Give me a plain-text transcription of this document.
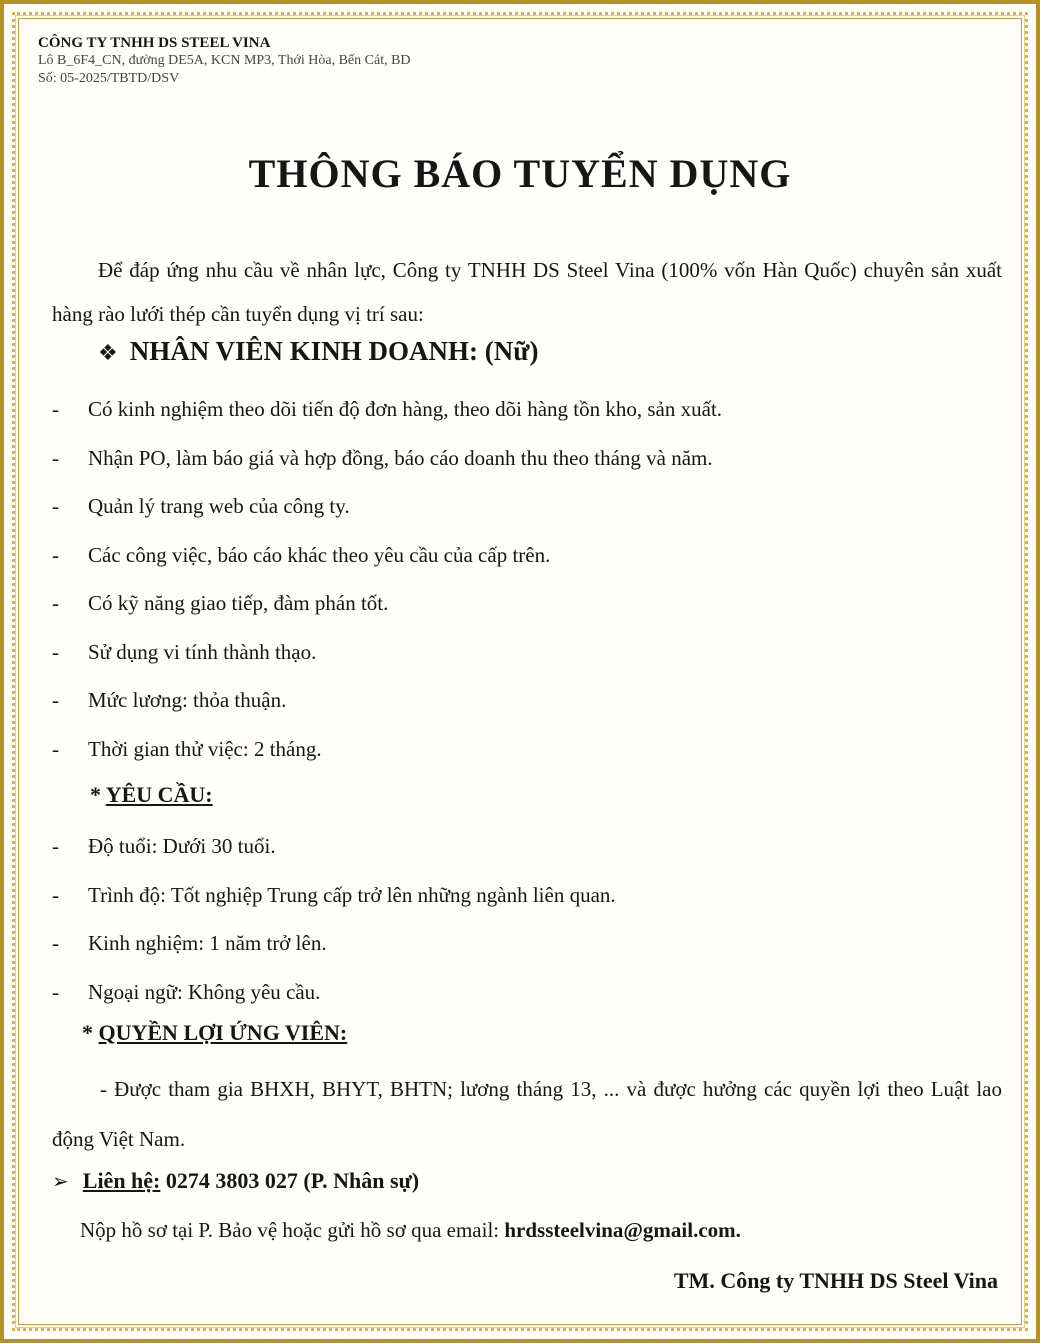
CÔNG TY TNHH DS STEEL VINA

Lô B_6F4_CN, đường DE5A, KCN MP3, Thới Hòa, Bến Cát, BD

Số: 05-2025/TBTD/DSV

THÔNG BÁO TUYỂN DỤNG

Để đáp ứng nhu cầu về nhân lực, Công ty TNHH DS Steel Vina (100% vốn Hàn Quốc) chuyên sản xuất hàng rào lưới thép cần tuyển dụng vị trí sau:

❖ NHÂN VIÊN KINH DOANH: (Nữ)

- Có kinh nghiệm theo dõi tiến độ đơn hàng, theo dõi hàng tồn kho, sản xuất.
- Nhận PO, làm báo giá và hợp đồng, báo cáo doanh thu theo tháng và năm.
- Quản lý trang web của công ty.
- Các công việc, báo cáo khác theo yêu cầu của cấp trên.
- Có kỹ năng giao tiếp, đàm phán tốt.
- Sử dụng vi tính thành thạo.
- Mức lương: thỏa thuận.
- Thời gian thử việc: 2 tháng.

* YÊU CẦU:

- Độ tuổi: Dưới 30 tuổi.
- Trình độ: Tốt nghiệp Trung cấp trở lên những ngành liên quan.
- Kinh nghiệm: 1 năm trở lên.
- Ngoại ngữ: Không yêu cầu.

* QUYỀN LỢI ỨNG VIÊN:

- Được tham gia BHXH, BHYT, BHTN; lương tháng 13, ... và được hưởng các quyền lợi theo Luật lao động Việt Nam.

➢ Liên hệ: 0274 3803 027 (P. Nhân sự)

Nộp hồ sơ tại P. Bảo vệ hoặc gửi hồ sơ qua email: hrdssteelvina@gmail.com.

TM. Công ty TNHH DS Steel Vina
